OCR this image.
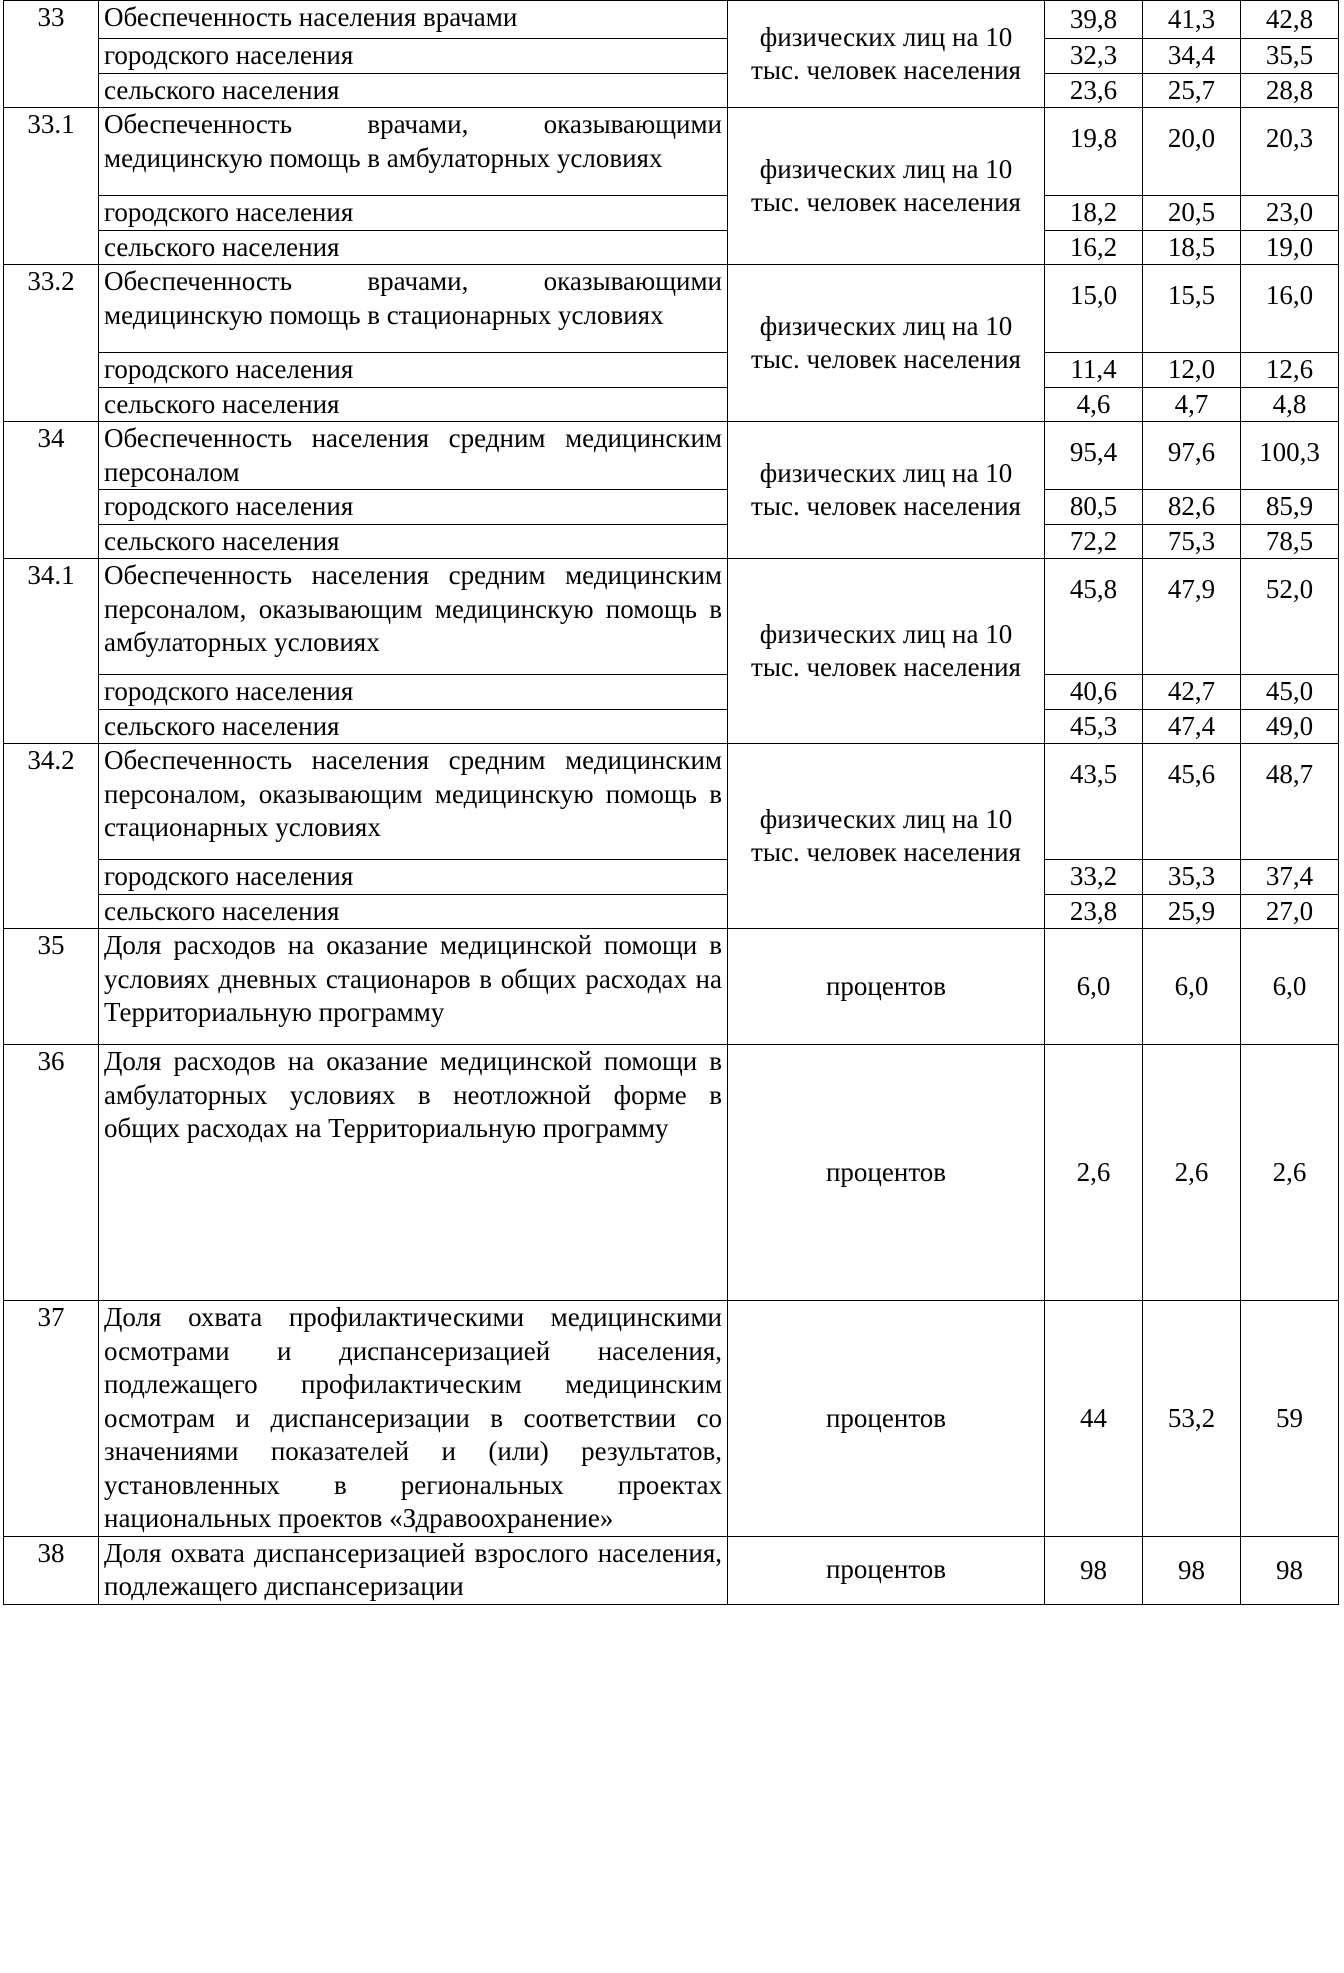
33	Обеспеченность населения врачами	физических лиц на 10 тыс. человек населения	39,8	41,3	42,8
	городского населения		32,3	34,4	35,5
	сельского населения		23,6	25,7	28,8
33.1	Обеспеченность врачами, оказывающими медицинскую помощь в амбулаторных условиях	физических лиц на 10 тыс. человек населения	19,8	20,0	20,3
	городского населения		18,2	20,5	23,0
	сельского населения		16,2	18,5	19,0
33.2	Обеспеченность врачами, оказывающими медицинскую помощь в стационарных условиях	физических лиц на 10 тыс. человек населения	15,0	15,5	16,0
	городского населения		11,4	12,0	12,6
	сельского населения		4,6	4,7	4,8
34	Обеспеченность населения средним медицинским персоналом	физических лиц на 10 тыс. человек населения	95,4	97,6	100,3
	городского населения		80,5	82,6	85,9
	сельского населения		72,2	75,3	78,5
34.1	Обеспеченность населения средним медицинским персоналом, оказывающим медицинскую помощь в амбулаторных условиях	физических лиц на 10 тыс. человек населения	45,8	47,9	52,0
	городского населения		40,6	42,7	45,0
	сельского населения		45,3	47,4	49,0
34.2	Обеспеченность населения средним медицинским персоналом, оказывающим медицинскую помощь в стационарных условиях	физических лиц на 10 тыс. человек населения	43,5	45,6	48,7
	городского населения		33,2	35,3	37,4
	сельского населения		23,8	25,9	27,0
35	Доля расходов на оказание медицинской помощи в условиях дневных стационаров в общих расходах на Территориальную программу	процентов	6,0	6,0	6,0
36	Доля расходов на оказание медицинской помощи в амбулаторных условиях в неотложной форме в общих расходах на Территориальную программу	процентов	2,6	2,6	2,6
37	Доля охвата профилактическими медицинскими осмотрами и диспансеризацией населения, подлежащего профилактическим медицинским осмотрам и диспансеризации в соответствии со значениями показателей и (или) результатов, установленных в региональных проектах национальных проектов «Здравоохранение»	процентов	44	53,2	59
38	Доля охвата диспансеризацией взрослого населения, подлежащего диспансеризации	процентов	98	98	98
